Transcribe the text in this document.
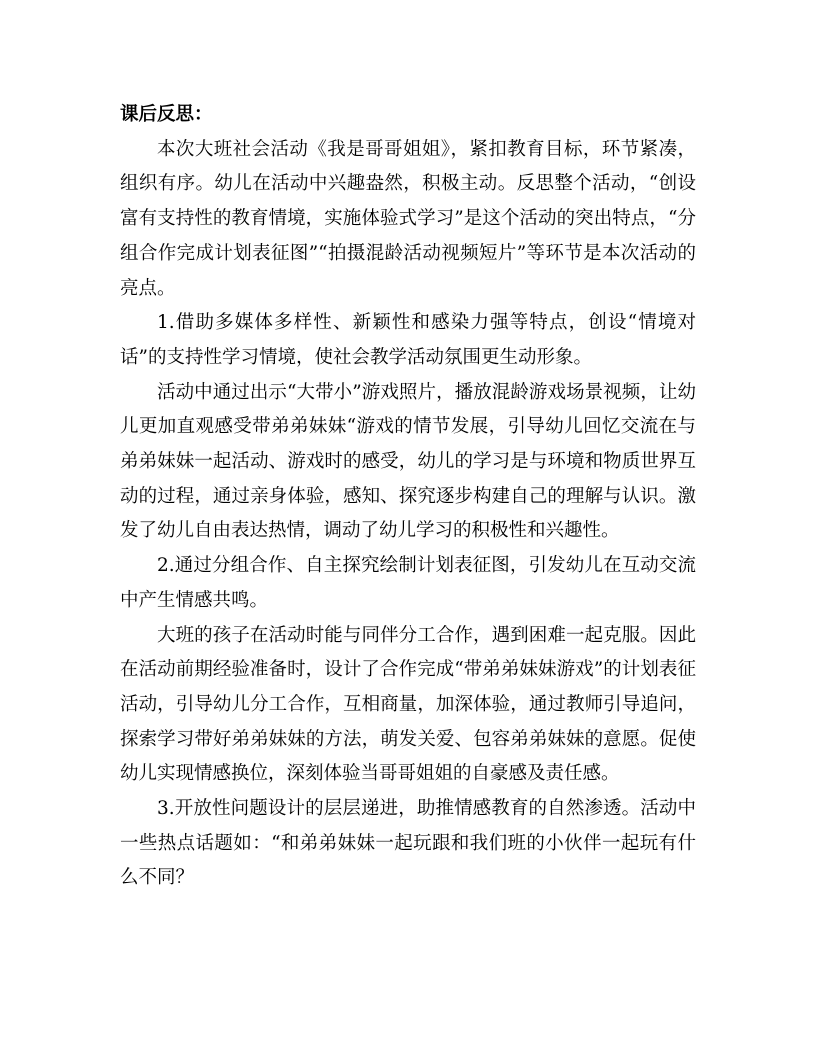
课后反思：

本次大班社会活动《我是哥哥姐姐》，紧扣教育目标，环节紧凑，组织有序。幼儿在活动中兴趣盎然，积极主动。反思整个活动，“创设富有支持性的教育情境，实施体验式学习”是这个活动的突出特点，“分组合作完成计划表征图”“拍摄混龄活动视频短片”等环节是本次活动的亮点。

1.借助多媒体多样性、新颖性和感染力强等特点，创设“情境对话”的支持性学习情境，使社会教学活动氛围更生动形象。

活动中通过出示“大带小”游戏照片，播放混龄游戏场景视频，让幼儿更加直观感受带弟弟妹妹“游戏的情节发展，引导幼儿回忆交流在与弟弟妹妹一起活动、游戏时的感受，幼儿的学习是与环境和物质世界互动的过程，通过亲身体验，感知、探究逐步构建自己的理解与认识。激发了幼儿自由表达热情，调动了幼儿学习的积极性和兴趣性。

2.通过分组合作、自主探究绘制计划表征图，引发幼儿在互动交流中产生情感共鸣。

大班的孩子在活动时能与同伴分工合作，遇到困难一起克服。因此在活动前期经验准备时，设计了合作完成“带弟弟妹妹游戏”的计划表征活动，引导幼儿分工合作，互相商量，加深体验，通过教师引导追问，探索学习带好弟弟妹妹的方法，萌发关爱、包容弟弟妹妹的意愿。促使幼儿实现情感换位，深刻体验当哥哥姐姐的自豪感及责任感。

3.开放性问题设计的层层递进，助推情感教育的自然渗透。活动中一些热点话题如：“和弟弟妹妹一起玩跟和我们班的小伙伴一起玩有什么不同？
